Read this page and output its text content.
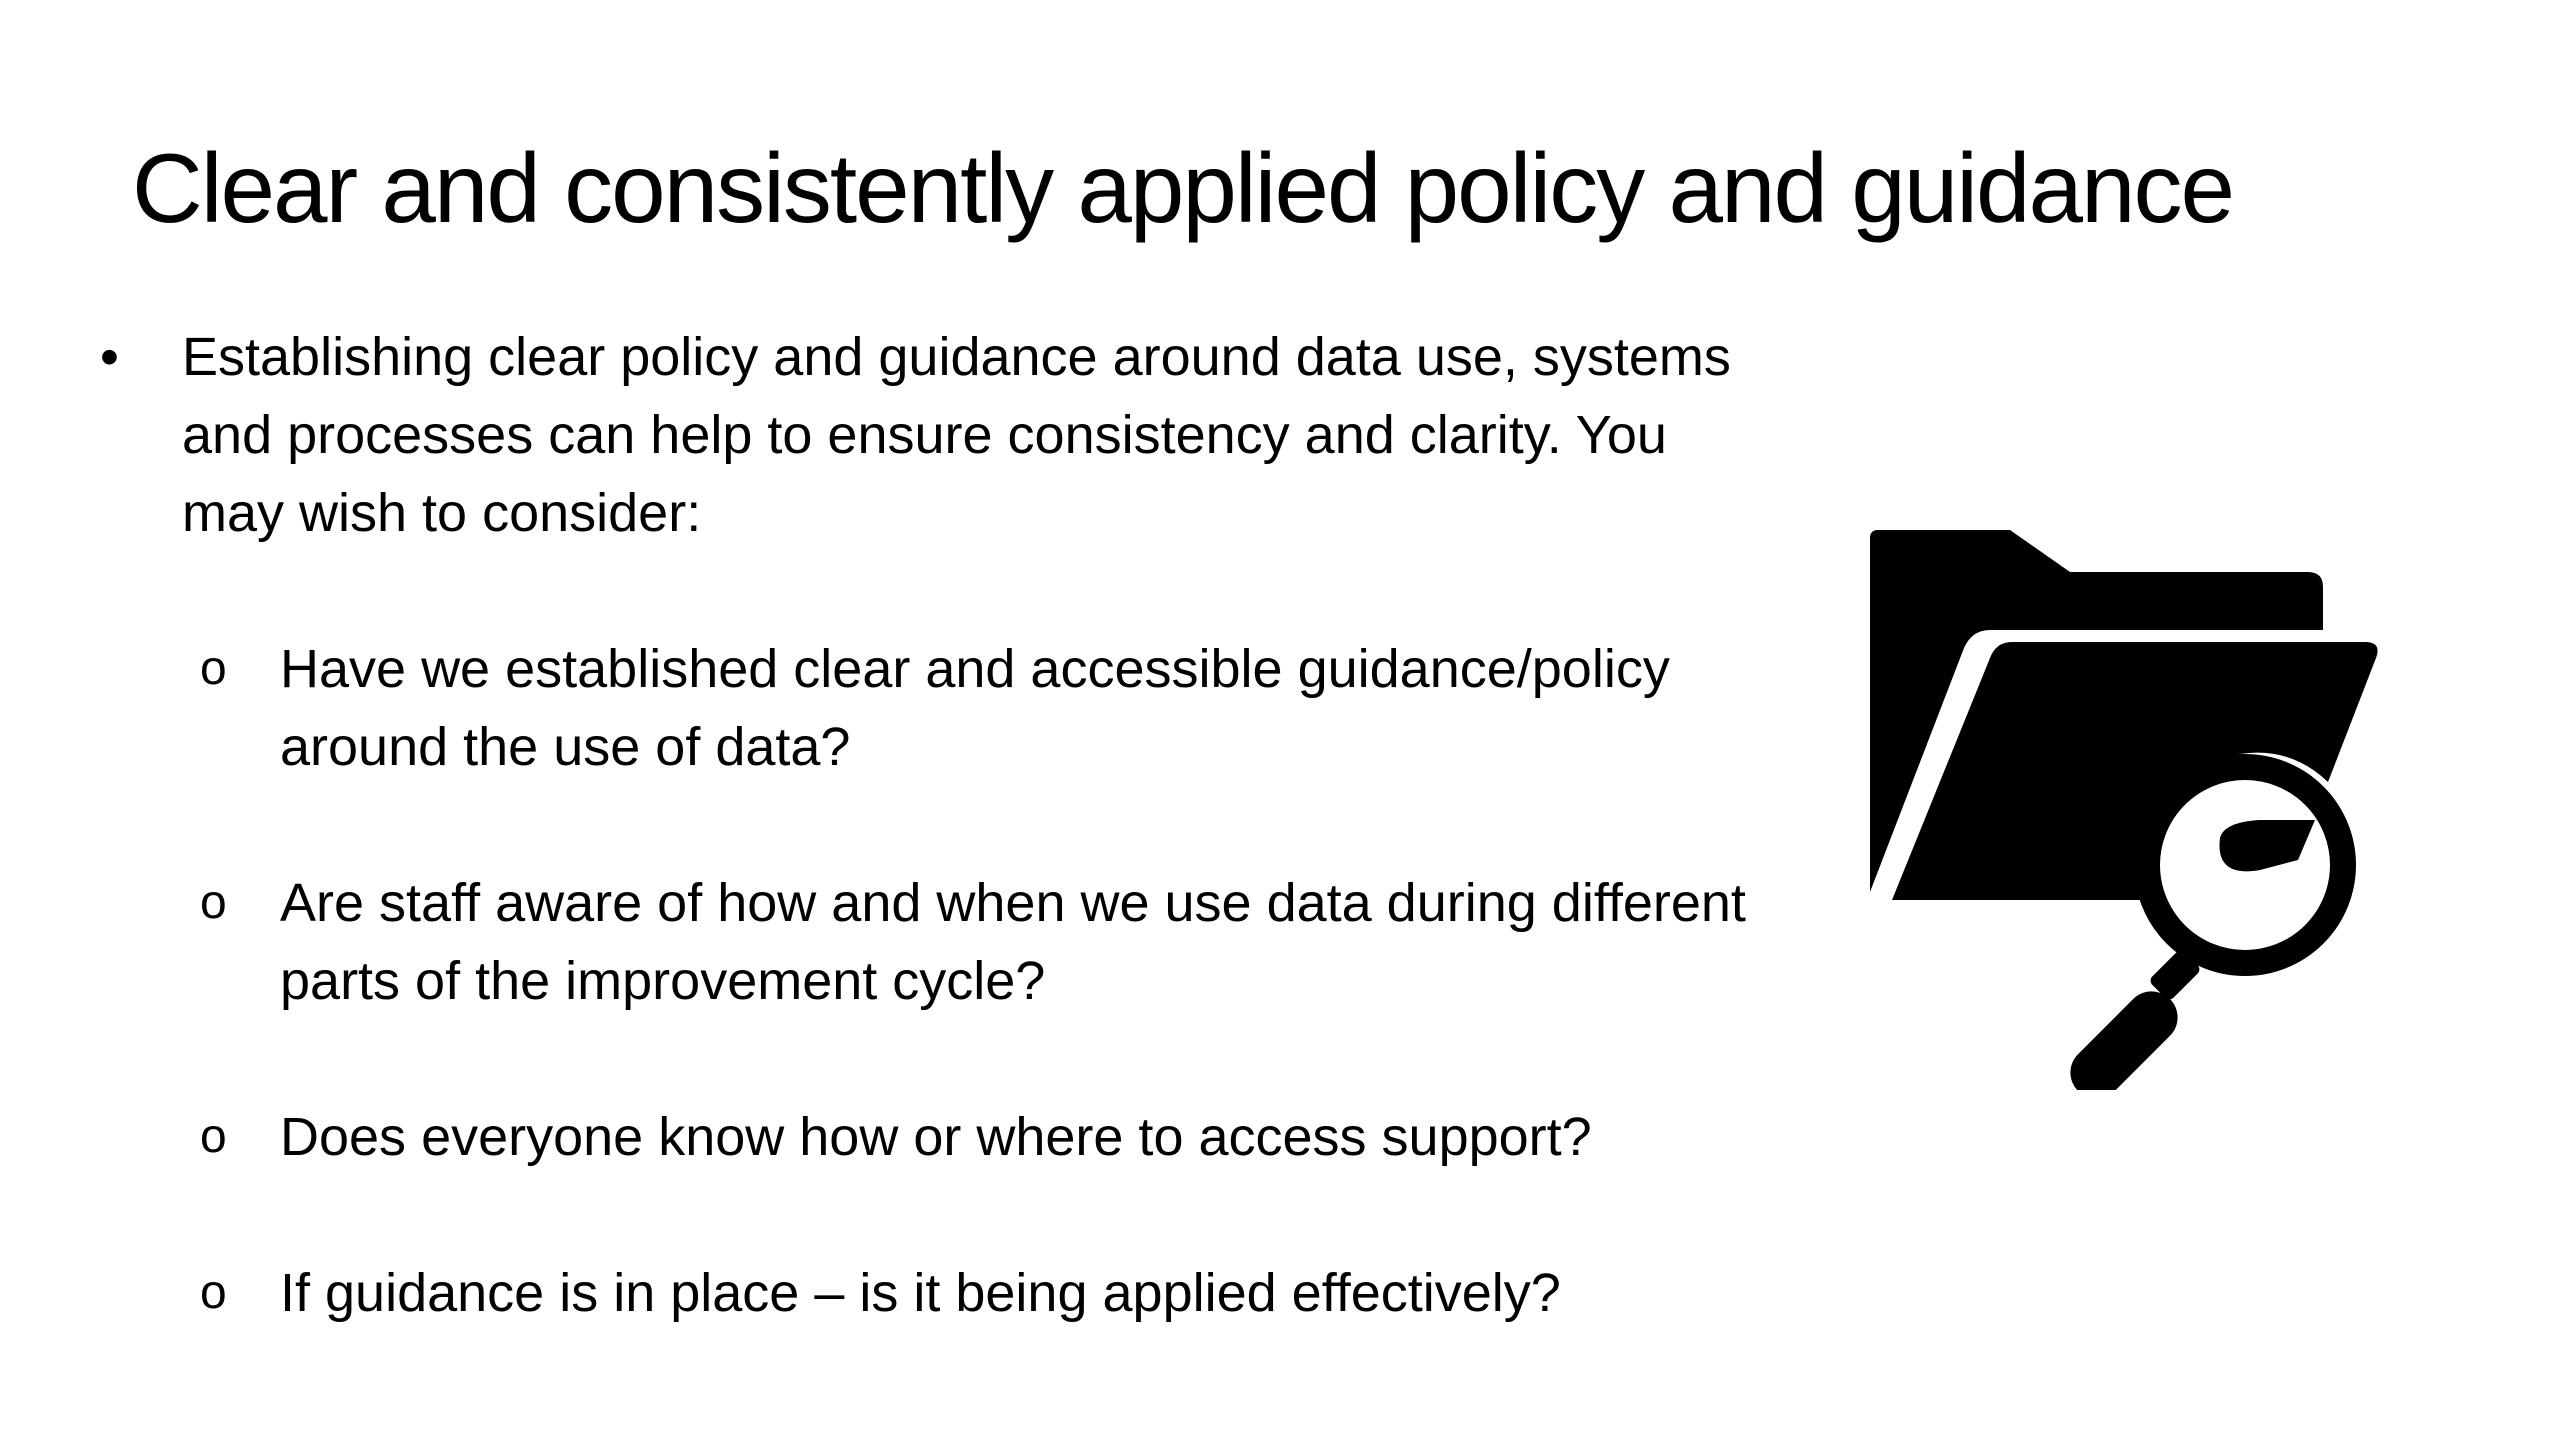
Clear and consistently applied policy and guidance
• Establishing clear policy and guidance around data use, systems and processes can help to ensure consistency and clarity. You may wish to consider:
o Have we established clear and accessible guidance/policy around the use of data?
o Are staff aware of how and when we use data during different parts of the improvement cycle?
o Does everyone know how or where to access support?
o If guidance is in place – is it being applied effectively?
